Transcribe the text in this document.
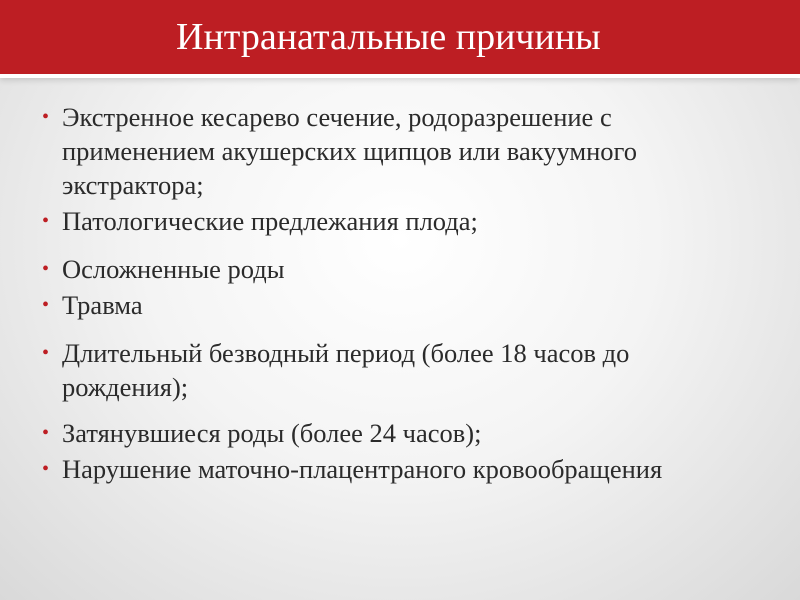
Интранатальные причины
• Экстренное кесарево сечение, родоразрешение с применением акушерских щипцов или вакуумного экстрактора;
• Патологические предлежания плода;
• Осложненные роды
• Травма
• Длительный безводный период (более 18 часов до рождения);
• Затянувшиеся роды (более 24 часов);
• Нарушение маточно-плацентраного кровообращения
